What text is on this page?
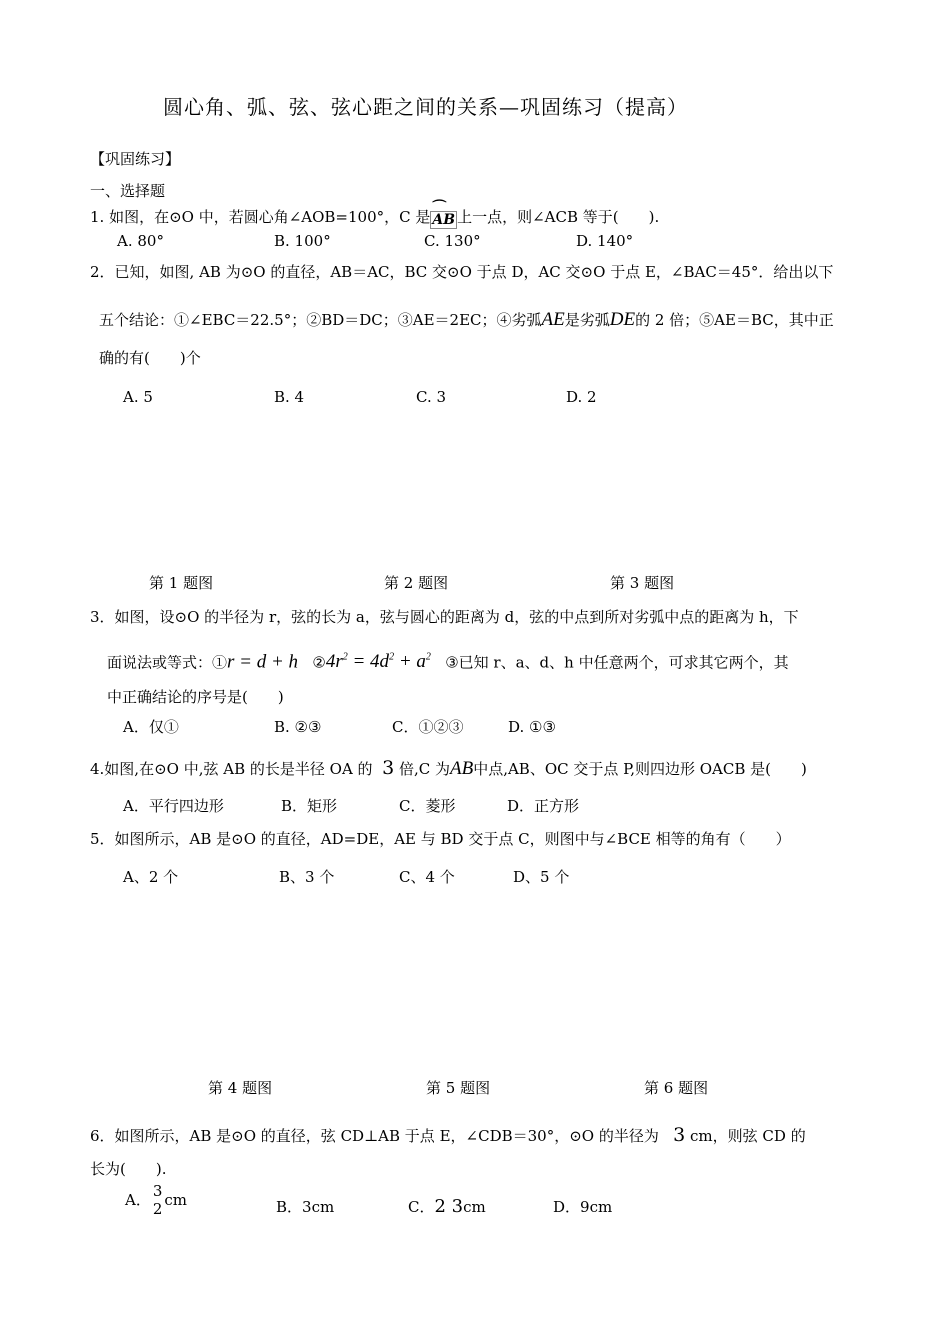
圆心角、弧、弦、弦心距之间的关系—巩固练习（提高）
【巩固练习】
一、选择题
1. 如图，在⊙O 中，若圆心角∠AOB=100°，C 是⌒ AB 上一点，则∠ACB 等于(　　).
A. 80°	B. 100°	C. 130°	D. 140°
2．已知，如图, AB 为⊙O 的直径，AB＝AC，BC 交⊙O 于点 D，AC 交⊙O 于点 E，∠BAC＝45°．给出以下
五个结论：①∠EBC＝22.5°；②BD＝DC；③AE＝2EC；④劣弧AE是劣弧DE的 2 倍；⑤AE＝BC，其中正
确的有(　　)个
A. 5	B. 4	C. 3	D. 2
第 1 题图	第 2 题图	第 3 题图
3．如图，设⊙O 的半径为 r，弦的长为 a，弦与圆心的距离为 d，弦的中点到所对劣弧中点的距离为 h，下
面说法或等式：①r = d + h $②4r^2 = 4d^2 + a^2$ ③已知 r、a、d、h 中任意两个，可求其它两个，其
中正确结论的序号是(　　)
A．仅①	B. ②③	C．①②③	D. ①③
4.如图,在⊙O 中,弦 AB 的长是半径 OA 的 3 倍,C 为AB中点,AB、OC 交于点 P,则四边形 OACB 是(　　)
A．平行四边形	B．矩形	C．菱形	D．正方形
5．如图所示，AB 是⊙O 的直径，AD=DE，AE 与 BD 交于点 C，则图中与∠BCE 相等的角有（　　）
A、2 个	B、3 个	C、4 个	D、5 个
第 4 题图	第 5 题图	第 6 题图
6．如图所示，AB 是⊙O 的直径，弦 CD⊥AB 于点 E，∠CDB＝30°，⊙O 的半径为 3 cm，则弦 CD 的
长为(　　).
A． 3
2 cm	B．3cm	C．2 3cm	D．9cm
